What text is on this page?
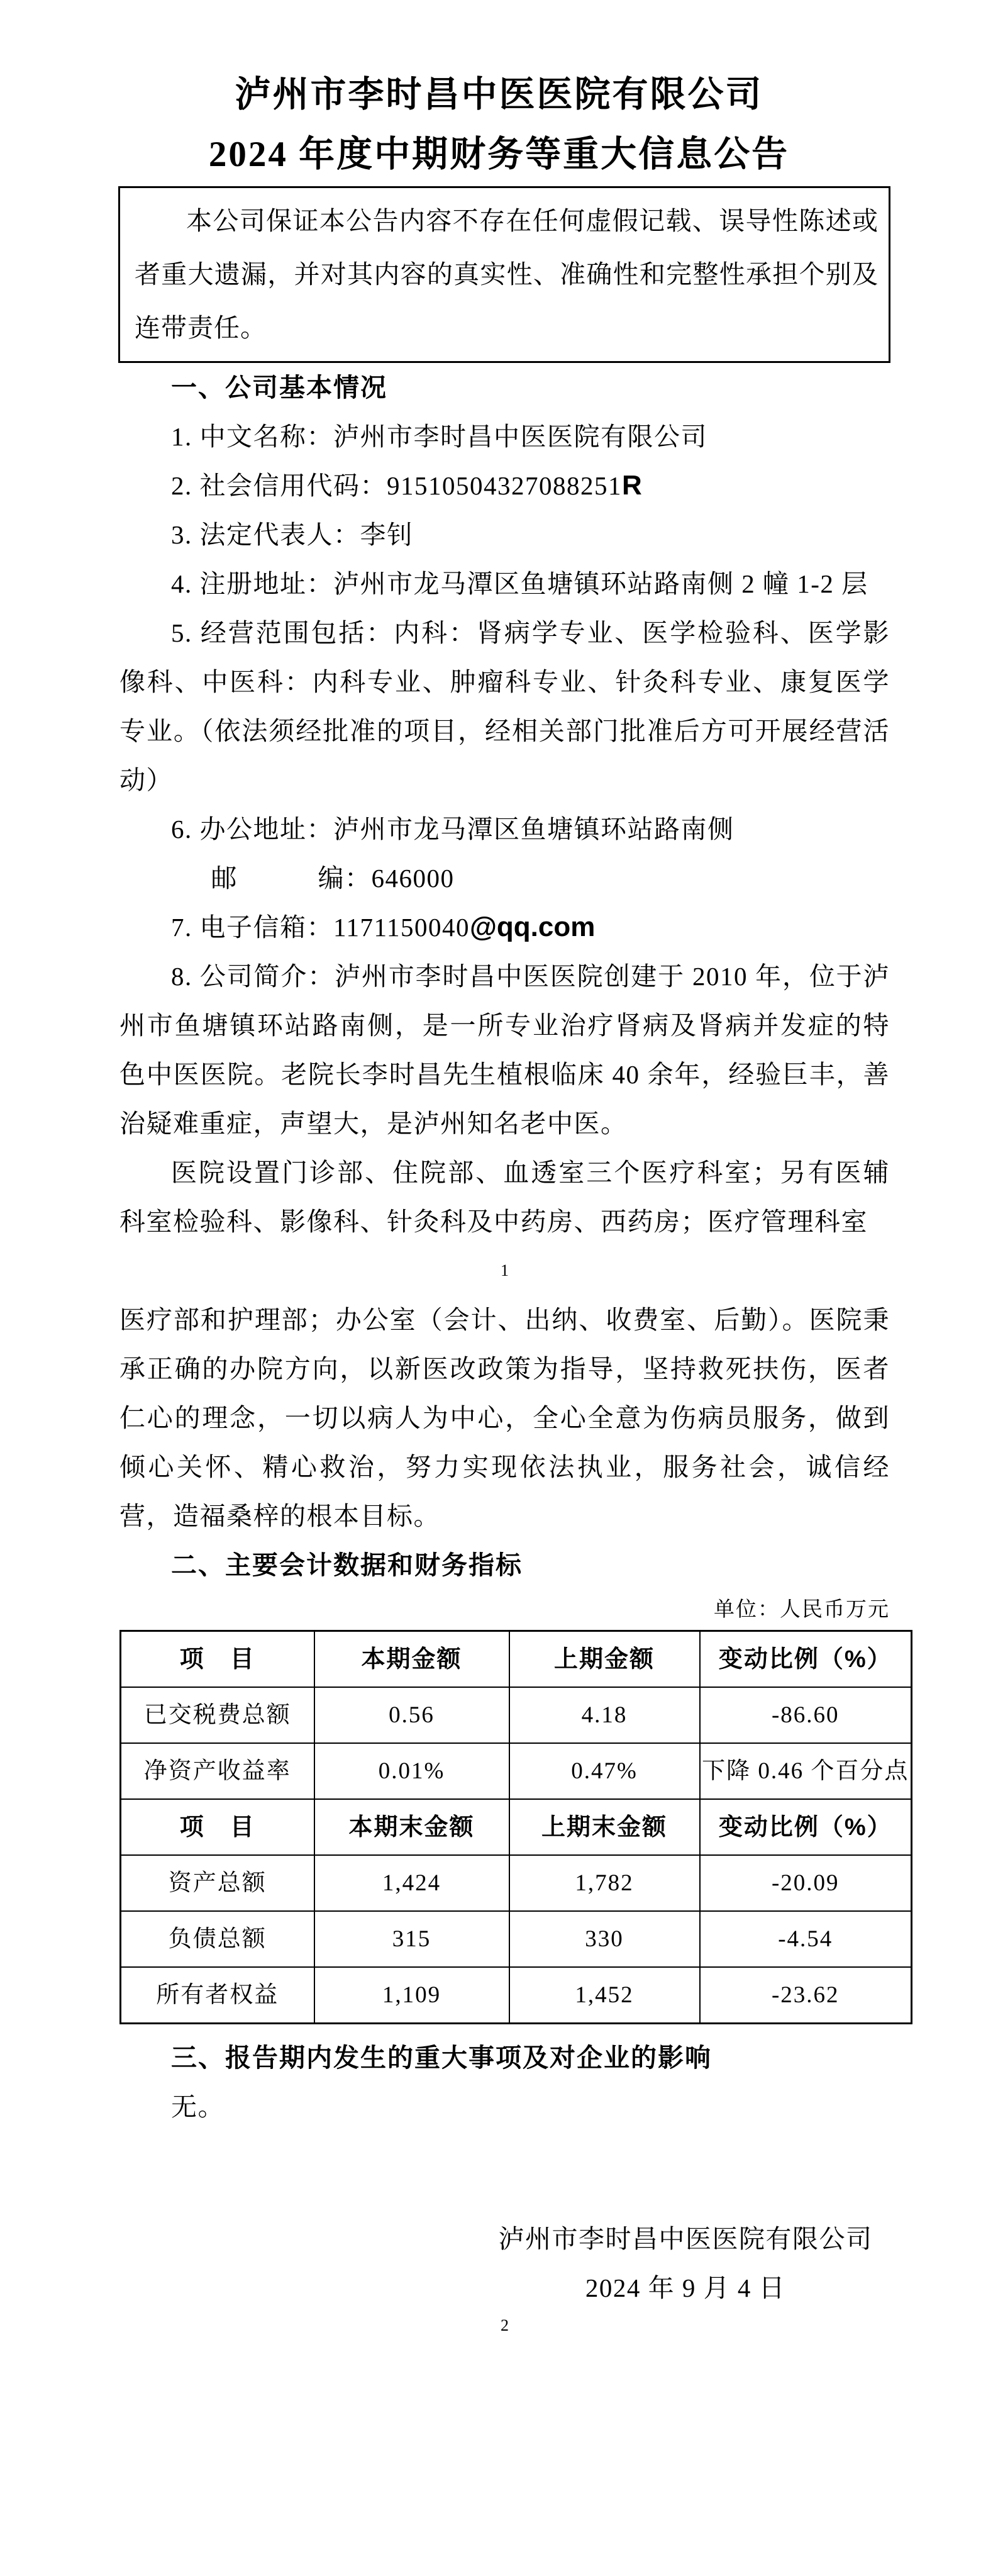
泸州市李时昌中医医院有限公司
2024 年度中期财务等重大信息公告

本公司保证本公告内容不存在任何虚假记载、误导性陈述或者重大遗漏，并对其内容的真实性、准确性和完整性承担个别及连带责任。

一、公司基本情况

1. 中文名称：泸州市李时昌中医医院有限公司

2. 社会信用代码：91510504327088251R

3. 法定代表人：李钊

4. 注册地址：泸州市龙马潭区鱼塘镇环站路南侧 2 幢 1-2 层

5. 经营范围包括：内科：肾病学专业、医学检验科、医学影像科、中医科：内科专业、肿瘤科专业、针灸科专业、康复医学专业。（依法须经批准的项目，经相关部门批准后方可开展经营活动）

6. 办公地址：泸州市龙马潭区鱼塘镇环站路南侧

邮　　　编：646000

7. 电子信箱：1171150040@qq.com

8. 公司简介：泸州市李时昌中医医院创建于 2010 年，位于泸州市鱼塘镇环站路南侧，是一所专业治疗肾病及肾病并发症的特色中医医院。老院长李时昌先生植根临床 40 余年，经验巨丰，善治疑难重症，声望大，是泸州知名老中医。

医院设置门诊部、住院部、血透室三个医疗科室；另有医辅科室检验科、影像科、针灸科及中药房、西药房；医疗管理科室

1

医疗部和护理部；办公室（会计、出纳、收费室、后勤）。医院秉承正确的办院方向，以新医改政策为指导，坚持救死扶伤，医者仁心的理念，一切以病人为中心，全心全意为伤病员服务，做到倾心关怀、精心救治，努力实现依法执业，服务社会，诚信经营，造福桑梓的根本目标。

二、主要会计数据和财务指标

单位：人民币万元

项　目	本期金额	上期金额	变动比例（%）
已交税费总额	0.56	4.18	-86.60
净资产收益率	0.01%	0.47%	下降 0.46 个百分点
项　目	本期末金额	上期末金额	变动比例（%）
资产总额	1,424	1,782	-20.09
负债总额	315	330	-4.54
所有者权益	1,109	1,452	-23.62

三、报告期内发生的重大事项及对企业的影响

无。

泸州市李时昌中医医院有限公司

2024 年 9 月 4 日

2
